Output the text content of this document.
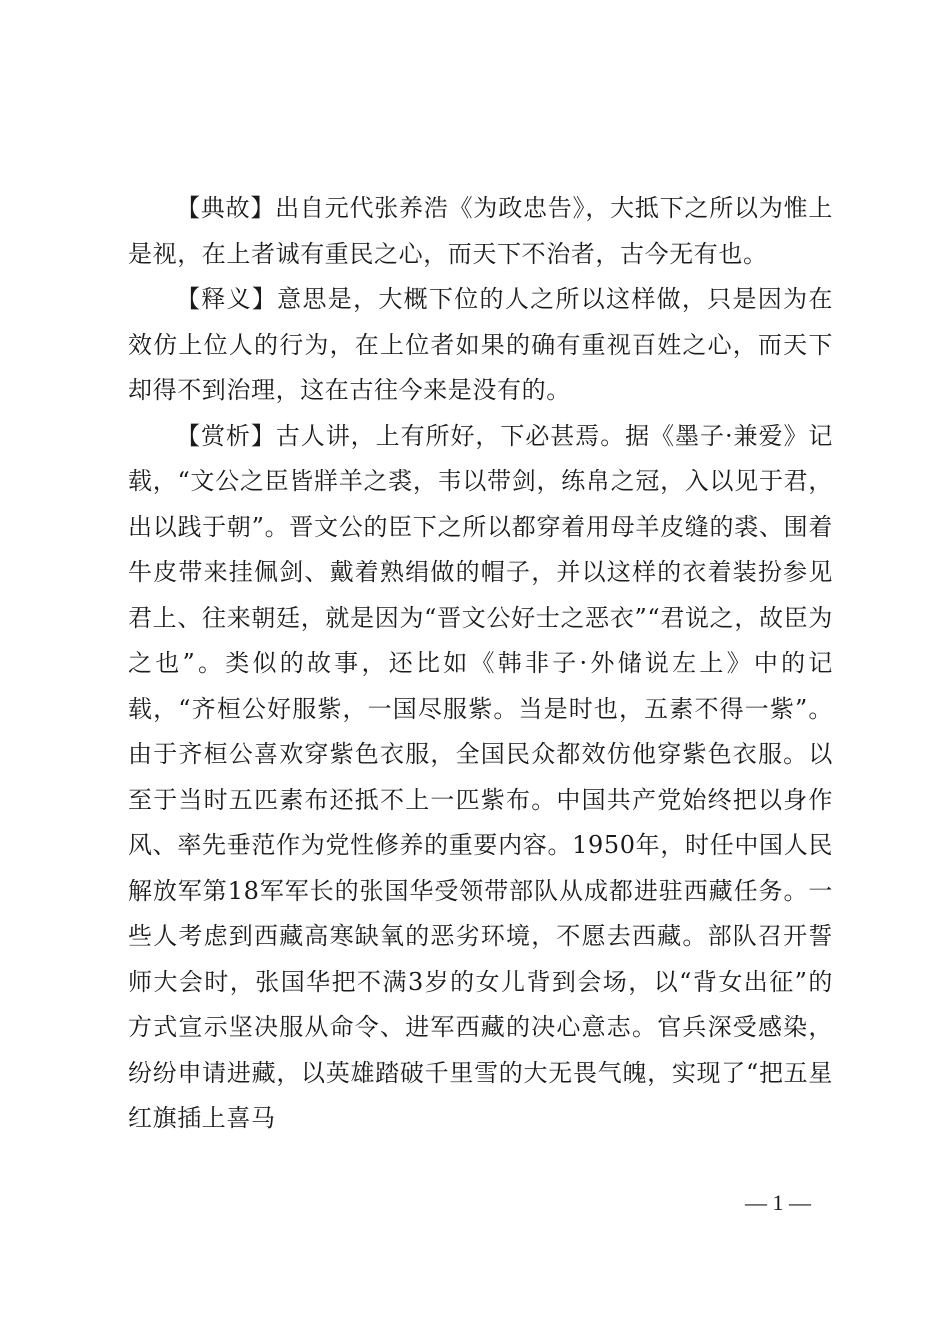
【典故】出自元代张养浩《为政忠告》，大抵下之所以为惟上是视，在上者诚有重民之心，而天下不治者，古今无有也。

【释义】意思是，大概下位的人之所以这样做，只是因为在效仿上位人的行为，在上位者如果的确有重视百姓之心，而天下却得不到治理，这在古往今来是没有的。

【赏析】古人讲，上有所好，下必甚焉。据《墨子·兼爱》记载，“文公之臣皆牂羊之裘，韦以带剑，练帛之冠，入以见于君，出以践于朝”。晋文公的臣下之所以都穿着用母羊皮缝的裘、围着牛皮带来挂佩剑、戴着熟绢做的帽子，并以这样的衣着装扮参见君上、往来朝廷，就是因为“晋文公好士之恶衣”“君说之，故臣为之也”。类似的故事，还比如《韩非子·外储说左上》中的记载，“齐桓公好服紫，一国尽服紫。当是时也，五素不得一紫”。由于齐桓公喜欢穿紫色衣服，全国民众都效仿他穿紫色衣服。以至于当时五匹素布还抵不上一匹紫布。中国共产党始终把以身作风、率先垂范作为党性修养的重要内容。1950年，时任中国人民解放军第18军军长的张国华受领带部队从成都进驻西藏任务。一些人考虑到西藏高寒缺氧的恶劣环境，不愿去西藏。部队召开誓师大会时，张国华把不满3岁的女儿背到会场，以“背女出征”的方式宣示坚决服从命令、进军西藏的决心意志。官兵深受感染，纷纷申请进藏，以英雄踏破千里雪的大无畏气魄，实现了“把五星红旗插上喜马

— 1 —
